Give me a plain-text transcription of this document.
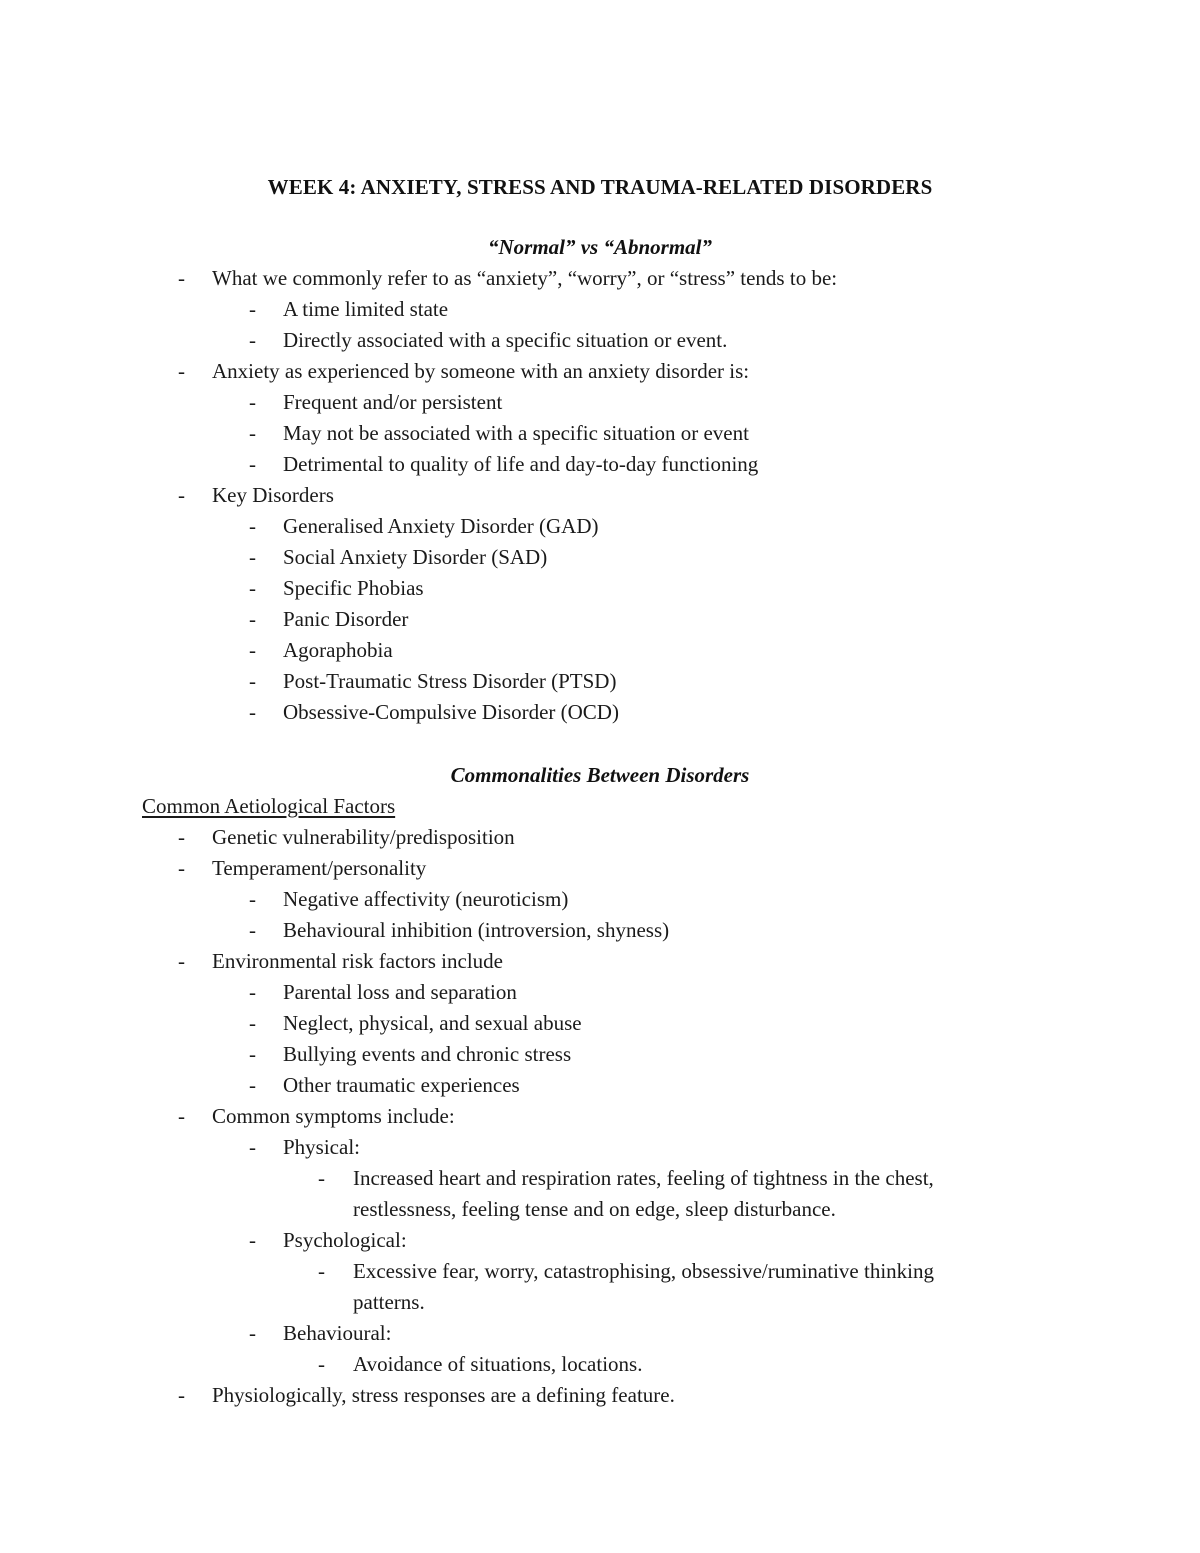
WEEK 4: ANXIETY, STRESS AND TRAUMA-RELATED DISORDERS
“Normal” vs “Abnormal”
- What we commonly refer to as “anxiety”, “worry”, or “stress” tends to be:
- A time limited state
- Directly associated with a specific situation or event.
- Anxiety as experienced by someone with an anxiety disorder is:
- Frequent and/or persistent
- May not be associated with a specific situation or event
- Detrimental to quality of life and day-to-day functioning
- Key Disorders
- Generalised Anxiety Disorder (GAD)
- Social Anxiety Disorder (SAD)
- Specific Phobias
- Panic Disorder
- Agoraphobia
- Post-Traumatic Stress Disorder (PTSD)
- Obsessive-Compulsive Disorder (OCD)
Commonalities Between Disorders
Common Aetiological Factors
- Genetic vulnerability/predisposition
- Temperament/personality
- Negative affectivity (neuroticism)
- Behavioural inhibition (introversion, shyness)
- Environmental risk factors include
- Parental loss and separation
- Neglect, physical, and sexual abuse
- Bullying events and chronic stress
- Other traumatic experiences
- Common symptoms include:
- Physical:
- Increased heart and respiration rates, feeling of tightness in the chest,
restlessness, feeling tense and on edge, sleep disturbance.
- Psychological:
- Excessive fear, worry, catastrophising, obsessive/ruminative thinking
patterns.
- Behavioural:
- Avoidance of situations, locations.
- Physiologically, stress responses are a defining feature.
